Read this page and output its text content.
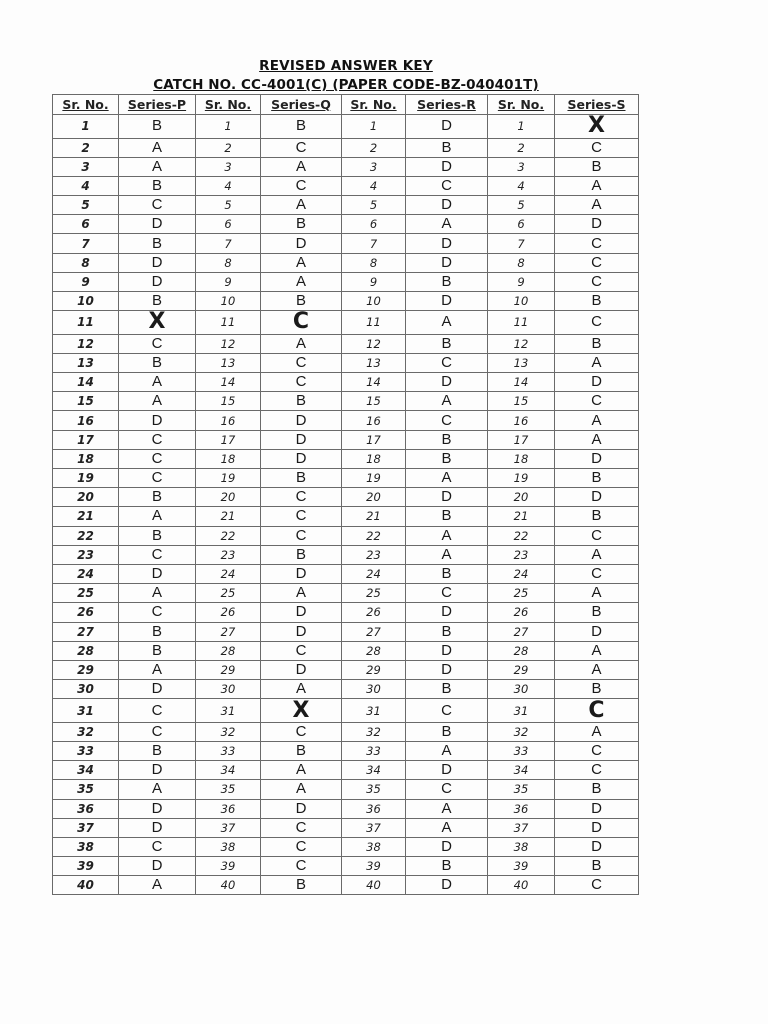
REVISED ANSWER KEY
CATCH NO. CC-4001(C) (PAPER CODE-BZ-040401T)
Sr. No.	Series-P	Sr. No.	Series-Q	Sr. No.	Series-R	Sr. No.	Series-S
1	B	1	B	1	D	1	X
2	A	2	C	2	B	2	C
3	A	3	A	3	D	3	B
4	B	4	C	4	C	4	A
5	C	5	A	5	D	5	A
6	D	6	B	6	A	6	D
7	B	7	D	7	D	7	C
8	D	8	A	8	D	8	C
9	D	9	A	9	B	9	C
10	B	10	B	10	D	10	B
11	X	11	C	11	A	11	C
12	C	12	A	12	B	12	B
13	B	13	C	13	C	13	A
14	A	14	C	14	D	14	D
15	A	15	B	15	A	15	C
16	D	16	D	16	C	16	A
17	C	17	D	17	B	17	A
18	C	18	D	18	B	18	D
19	C	19	B	19	A	19	B
20	B	20	C	20	D	20	D
21	A	21	C	21	B	21	B
22	B	22	C	22	A	22	C
23	C	23	B	23	A	23	A
24	D	24	D	24	B	24	C
25	A	25	A	25	C	25	A
26	C	26	D	26	D	26	B
27	B	27	D	27	B	27	D
28	B	28	C	28	D	28	A
29	A	29	D	29	D	29	A
30	D	30	A	30	B	30	B
31	C	31	X	31	C	31	C
32	C	32	C	32	B	32	A
33	B	33	B	33	A	33	C
34	D	34	A	34	D	34	C
35	A	35	A	35	C	35	B
36	D	36	D	36	A	36	D
37	D	37	C	37	A	37	D
38	C	38	C	38	D	38	D
39	D	39	C	39	B	39	B
40	A	40	B	40	D	40	C
